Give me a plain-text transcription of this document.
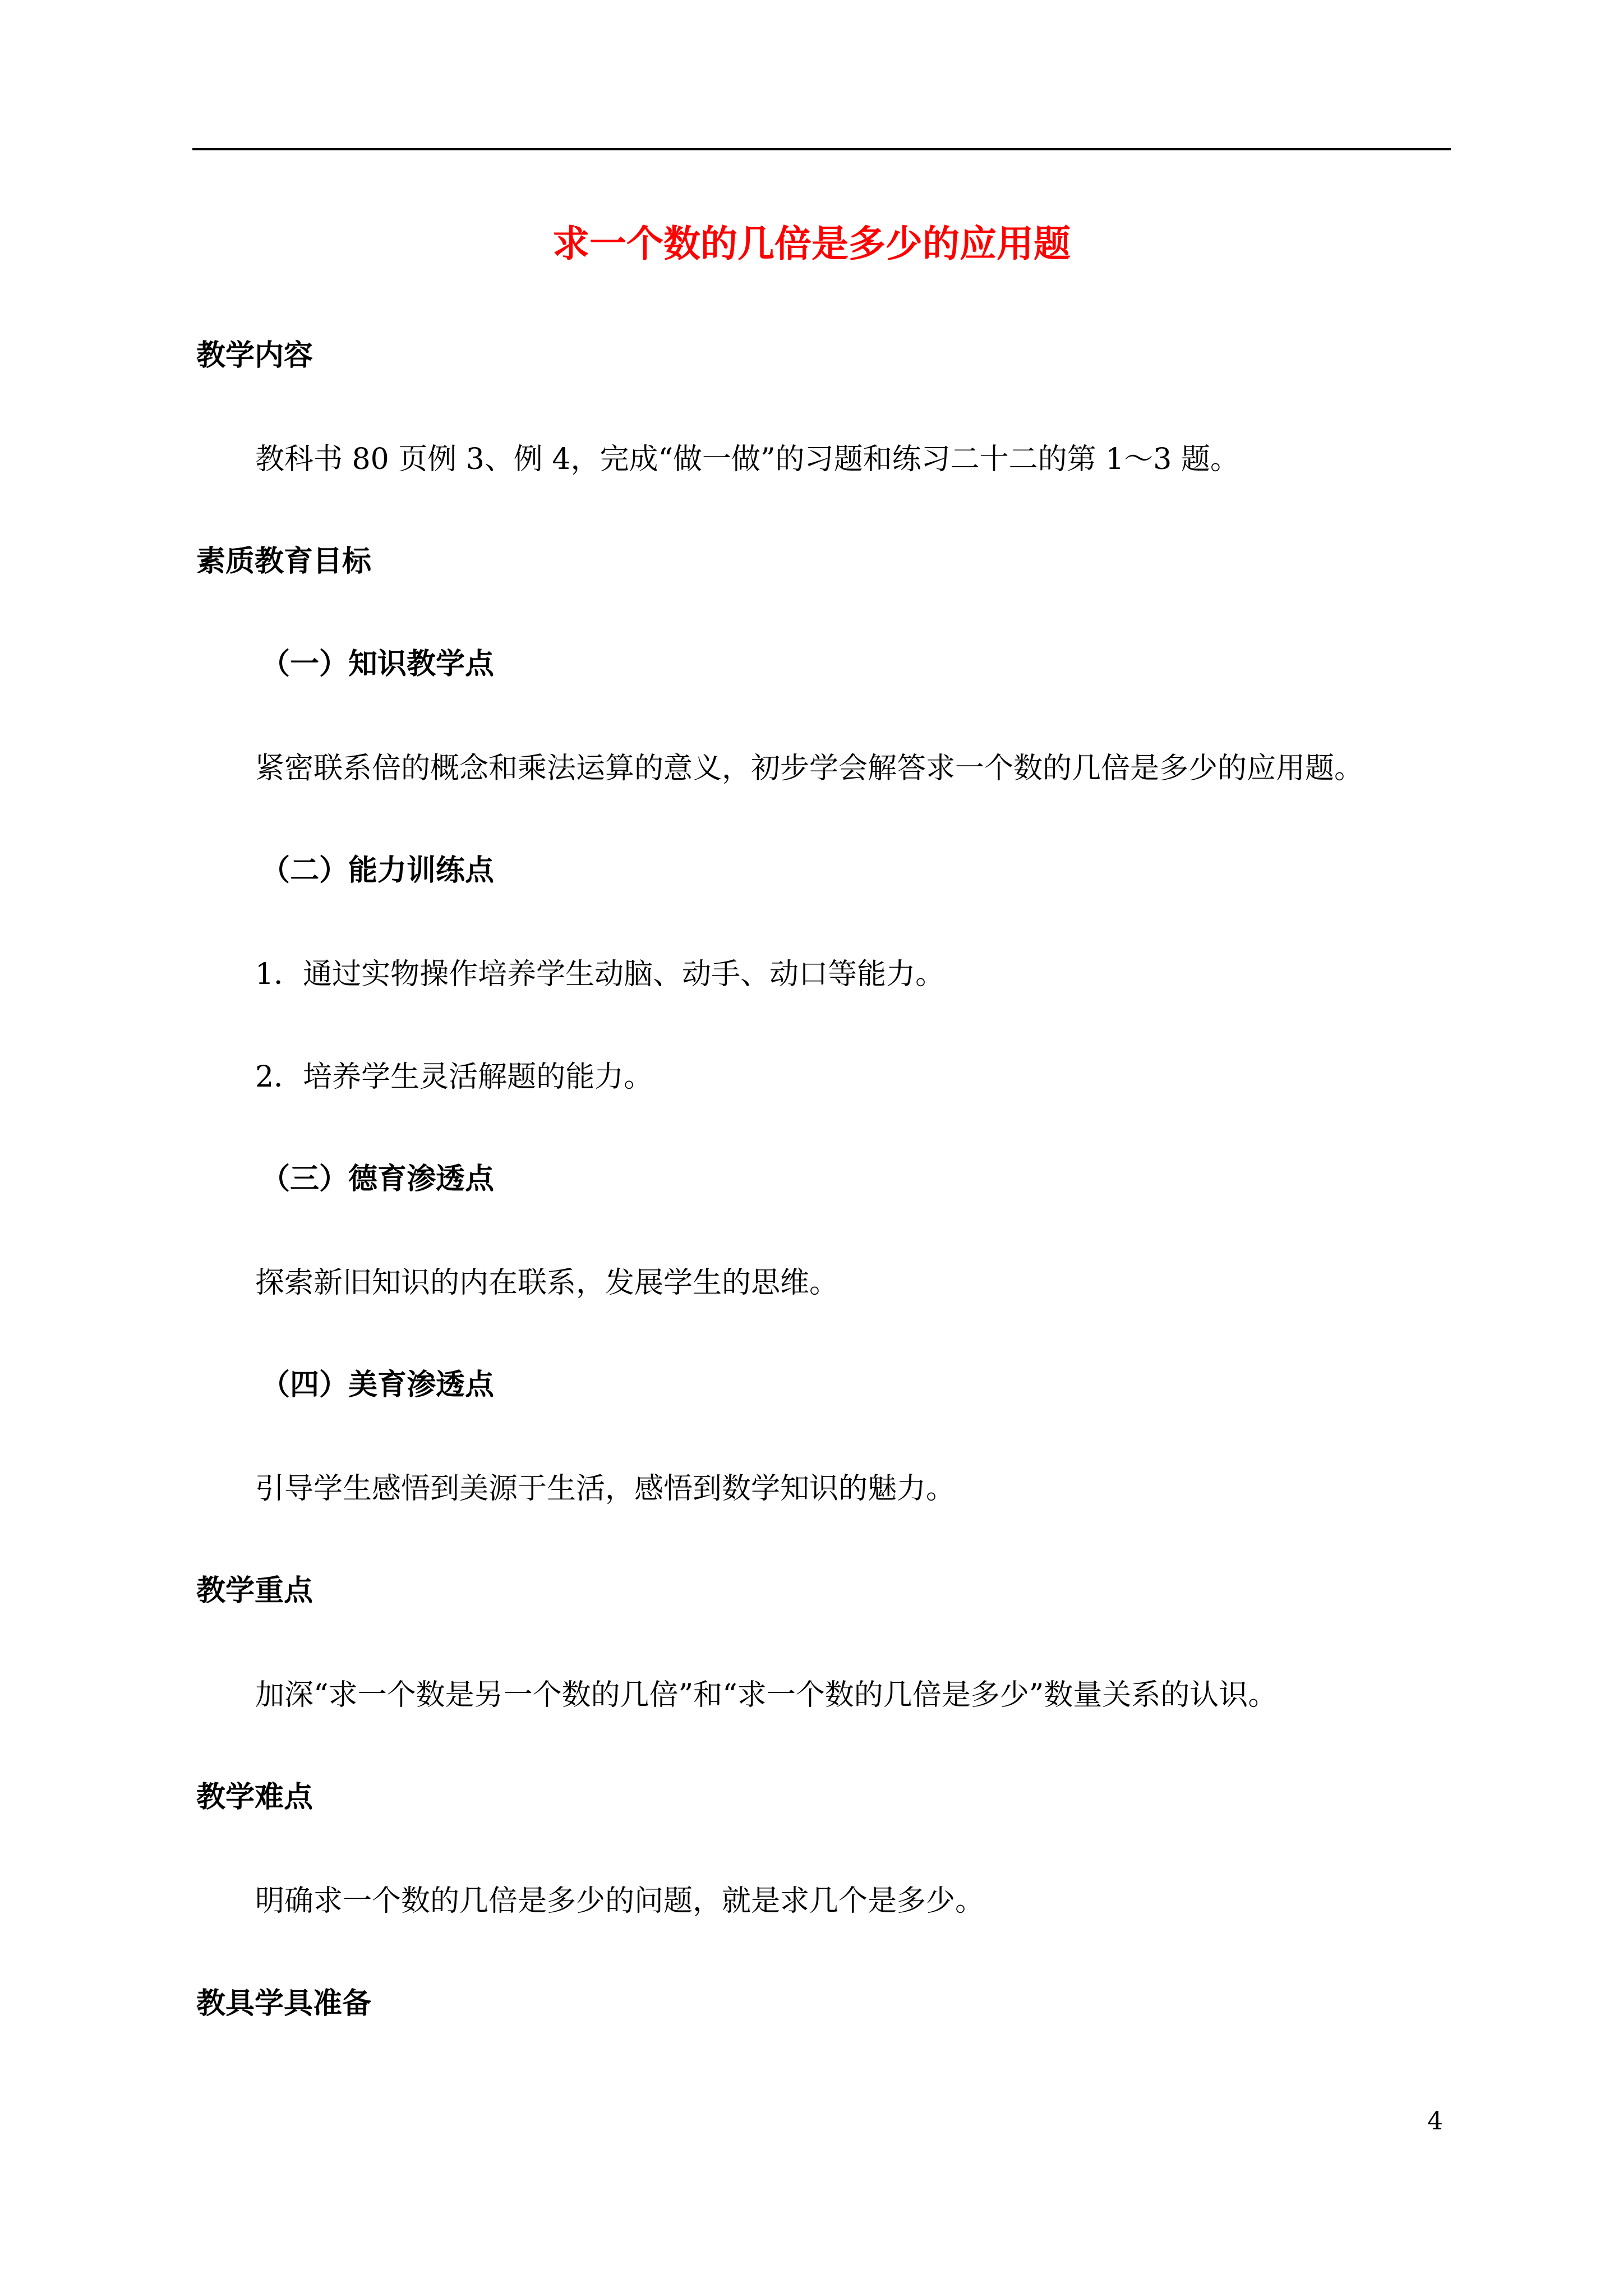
求一个数的几倍是多少的应用题
教学内容
教科书 80 页例 3、例 4，完成“做一做”的习题和练习二十二的第 1～3 题。
素质教育目标
（一）知识教学点
紧密联系倍的概念和乘法运算的意义，初步学会解答求一个数的几倍是多少的应用题。
（二）能力训练点
1．通过实物操作培养学生动脑、动手、动口等能力。
2．培养学生灵活解题的能力。
（三）德育渗透点
探索新旧知识的内在联系，发展学生的思维。
（四）美育渗透点
引导学生感悟到美源于生活，感悟到数学知识的魅力。
教学重点
加深“求一个数是另一个数的几倍”和“求一个数的几倍是多少”数量关系的认识。
教学难点
明确求一个数的几倍是多少的问题，就是求几个是多少。
教具学具准备
4
